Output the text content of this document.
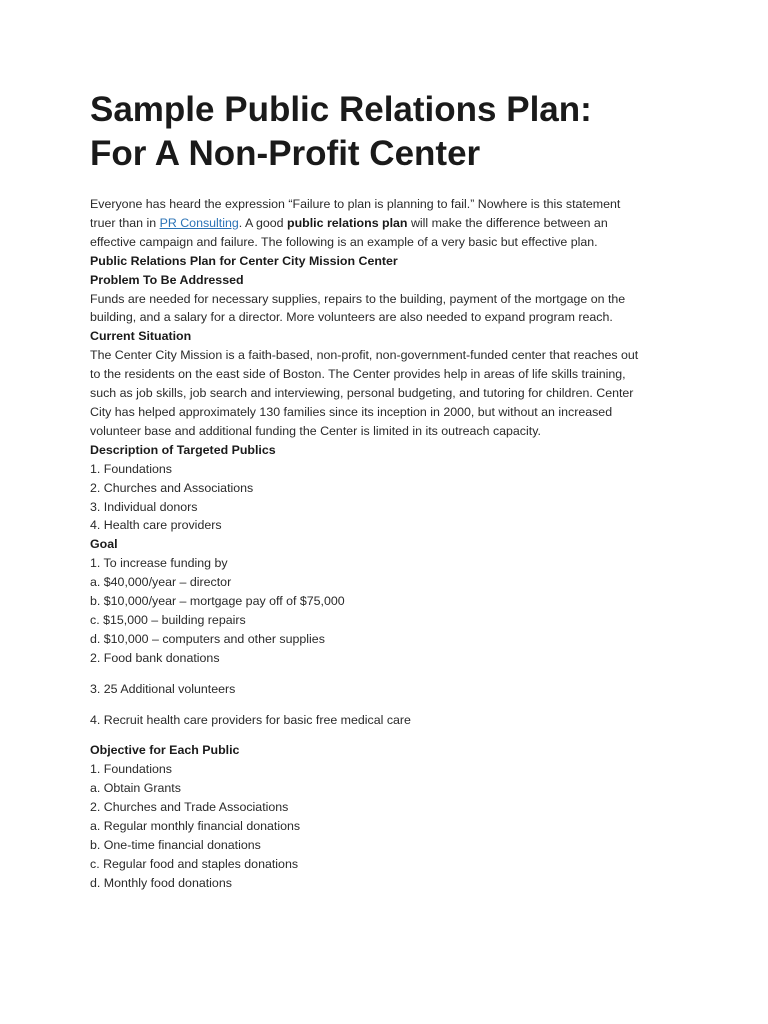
Sample Public Relations Plan:
For A Non-Profit Center
Everyone has heard the expression “Failure to plan is planning to fail.” Nowhere is this statement
truer than in PR Consulting. A good public relations plan will make the difference between an
effective campaign and failure. The following is an example of a very basic but effective plan.
Public Relations Plan for Center City Mission Center
Problem To Be Addressed
Funds are needed for necessary supplies, repairs to the building, payment of the mortgage on the
building, and a salary for a director. More volunteers are also needed to expand program reach.
Current Situation
The Center City Mission is a faith-based, non-profit, non-government-funded center that reaches out
to the residents on the east side of Boston. The Center provides help in areas of life skills training,
such as job skills, job search and interviewing, personal budgeting, and tutoring for children. Center
City has helped approximately 130 families since its inception in 2000, but without an increased
volunteer base and additional funding the Center is limited in its outreach capacity.
Description of Targeted Publics
1. Foundations
2. Churches and Associations
3. Individual donors
4. Health care providers
Goal
1. To increase funding by
a. $40,000/year – director
b. $10,000/year – mortgage pay off of $75,000
c. $15,000 – building repairs
d. $10,000 – computers and other supplies
2. Food bank donations
3. 25 Additional volunteers
4. Recruit health care providers for basic free medical care
Objective for Each Public
1. Foundations
a. Obtain Grants
2. Churches and Trade Associations
a. Regular monthly financial donations
b. One-time financial donations
c. Regular food and staples donations
d. Monthly food donations
